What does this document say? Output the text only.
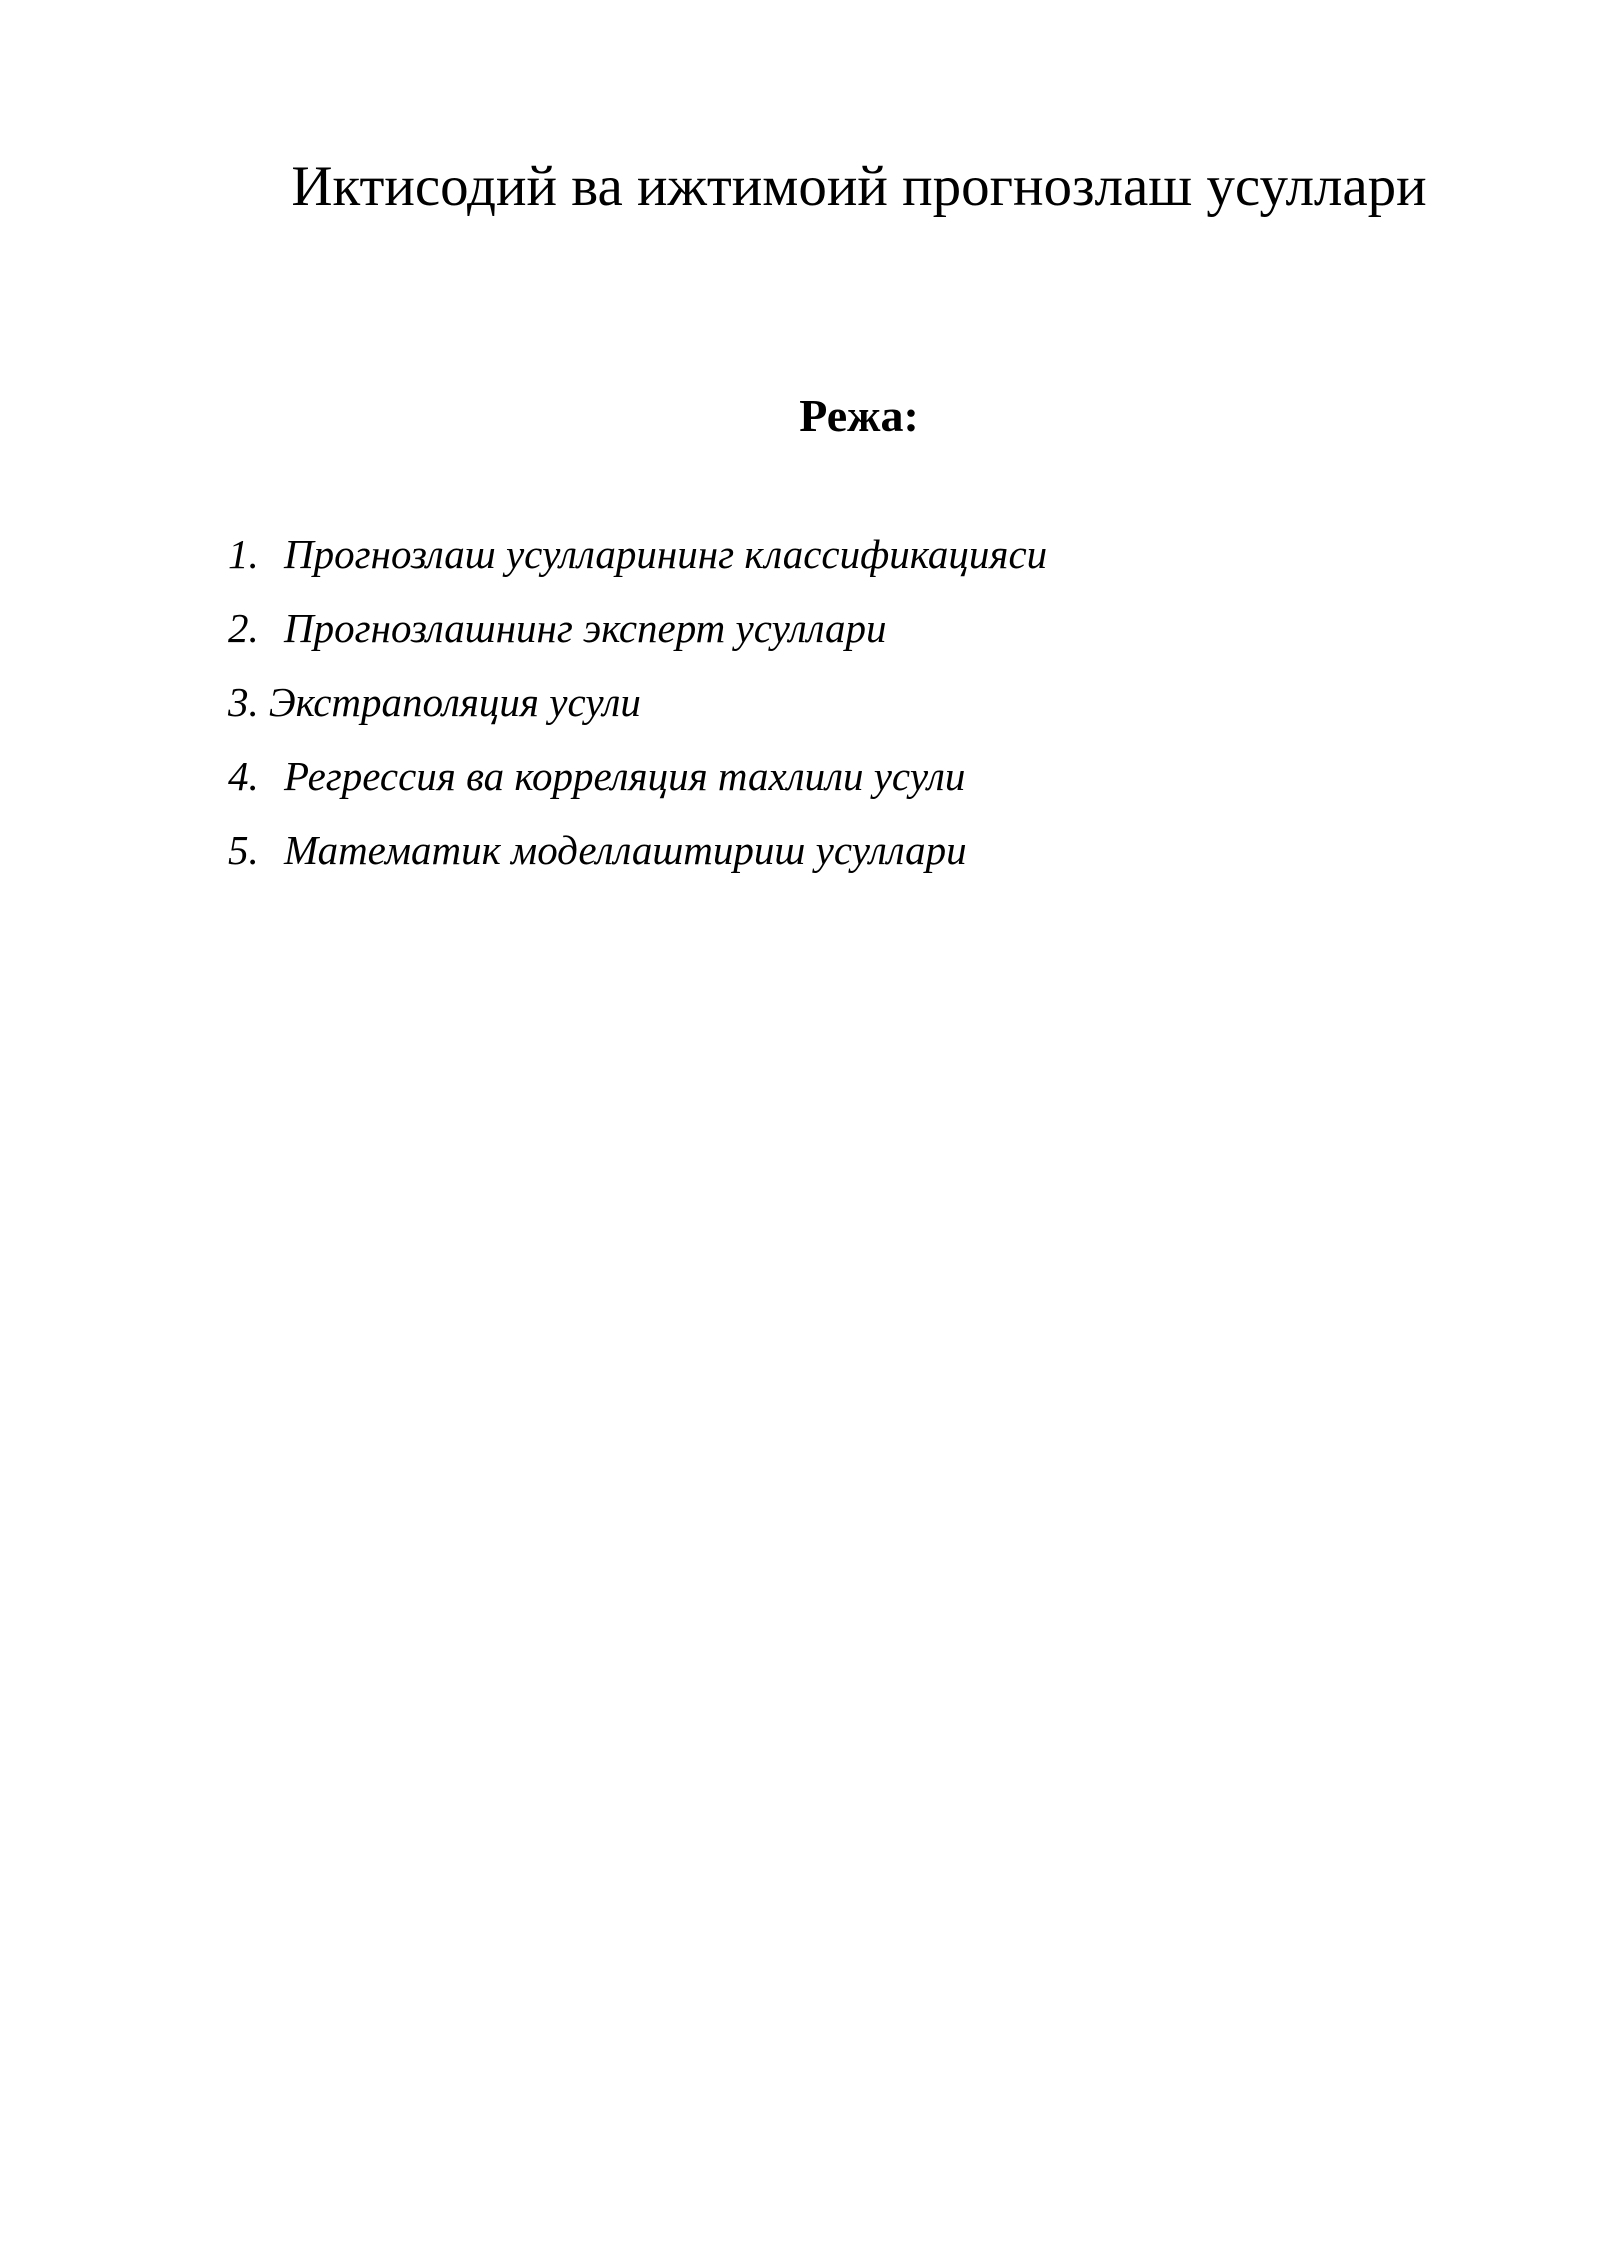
Иктисодий ва ижтимоий прогнозлаш усуллари
Режа:
1. Прогнозлаш усулларининг классификацияси
2. Прогнозлашнинг эксперт усуллари
3. Экстраполяция усули
4. Регрессия ва корреляция тахлили усули
5. Математик моделлаштириш усуллари
